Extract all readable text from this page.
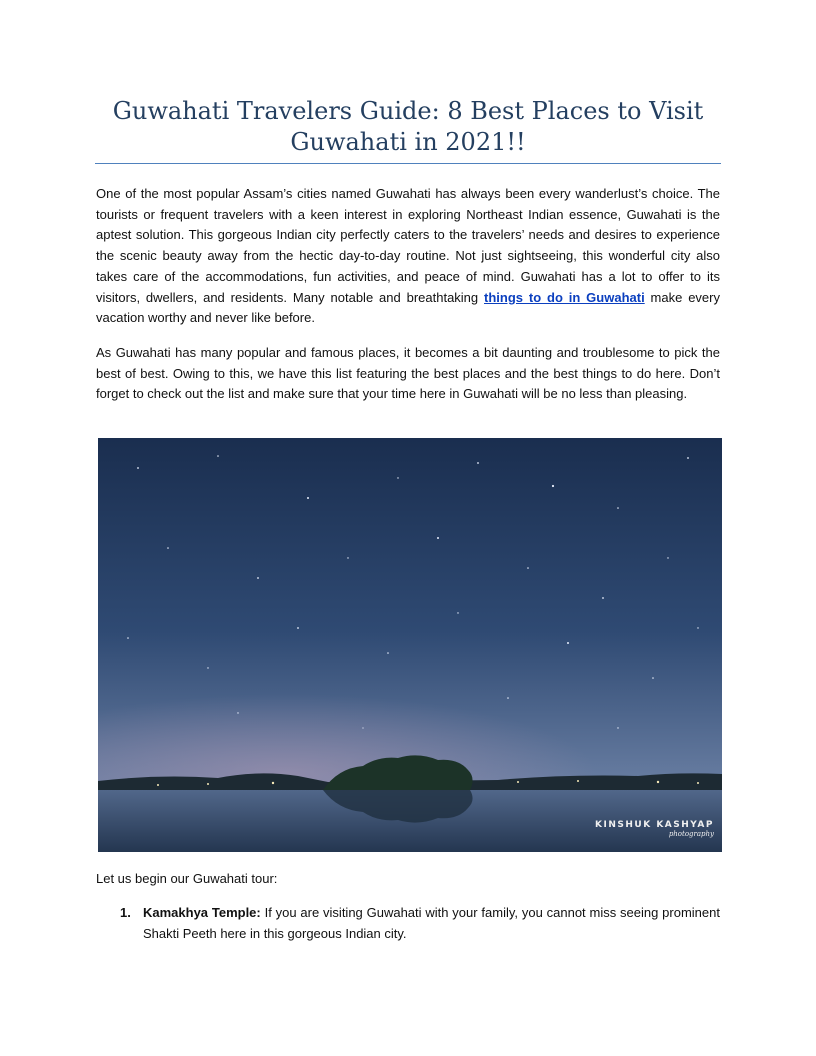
Guwahati Travelers Guide: 8 Best Places to Visit Guwahati in 2021!!

One of the most popular Assam’s cities named Guwahati has always been every wanderlust’s choice. The tourists or frequent travelers with a keen interest in exploring Northeast Indian essence, Guwahati is the aptest solution. This gorgeous Indian city perfectly caters to the travelers’ needs and desires to experience the scenic beauty away from the hectic day-to-day routine. Not just sightseeing, this wonderful city also takes care of the accommodations, fun activities, and peace of mind. Guwahati has a lot to offer to its visitors, dwellers, and residents. Many notable and breathtaking things to do in Guwahati make every vacation worthy and never like before.

As Guwahati has many popular and famous places, it becomes a bit daunting and troublesome to pick the best of best. Owing to this, we have this list featuring the best places and the best things to do here. Don’t forget to check out the list and make sure that your time here in Guwahati will be no less than pleasing.

KINSHUK KASHYAP
photography

Let us begin our Guwahati tour:

1. Kamakhya Temple: If you are visiting Guwahati with your family, you cannot miss seeing prominent Shakti Peeth here in this gorgeous Indian city.
